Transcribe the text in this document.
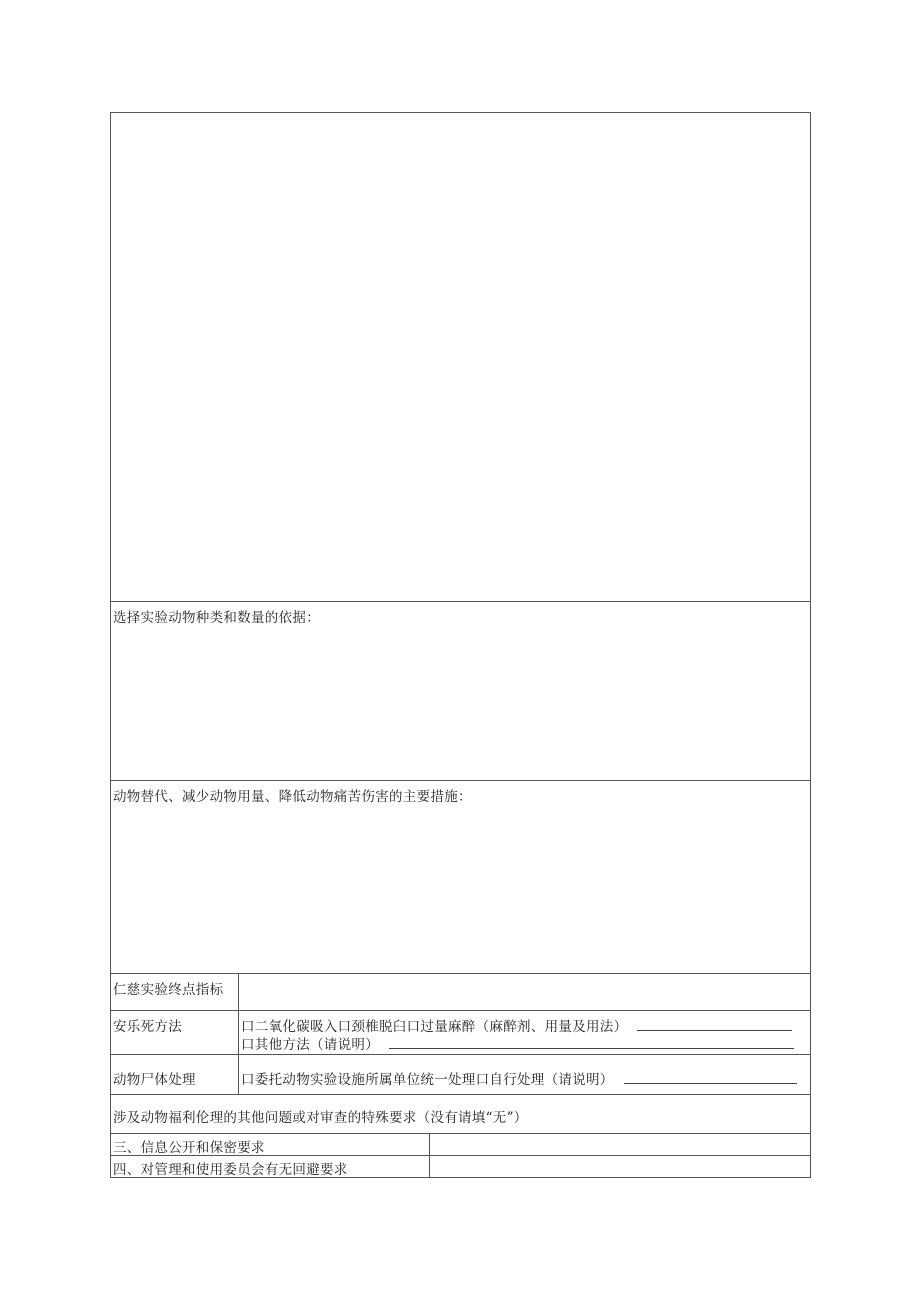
选择实验动物种类和数量的依据：
动物替代、减少动物用量、降低动物痛苦伤害的主要措施：
仁慈实验终点指标
安乐死方法	口二氧化碳吸入口颈椎脱臼口过量麻醉（麻醉剂、用量及用法）
口其他方法（请说明）
动物尸体处理	口委托动物实验设施所属单位统一处理口自行处理（请说明）
涉及动物福利伦理的其他问题或对审查的特殊要求（没有请填“无”）
三、信息公开和保密要求
四、对管理和使用委员会有无回避要求
